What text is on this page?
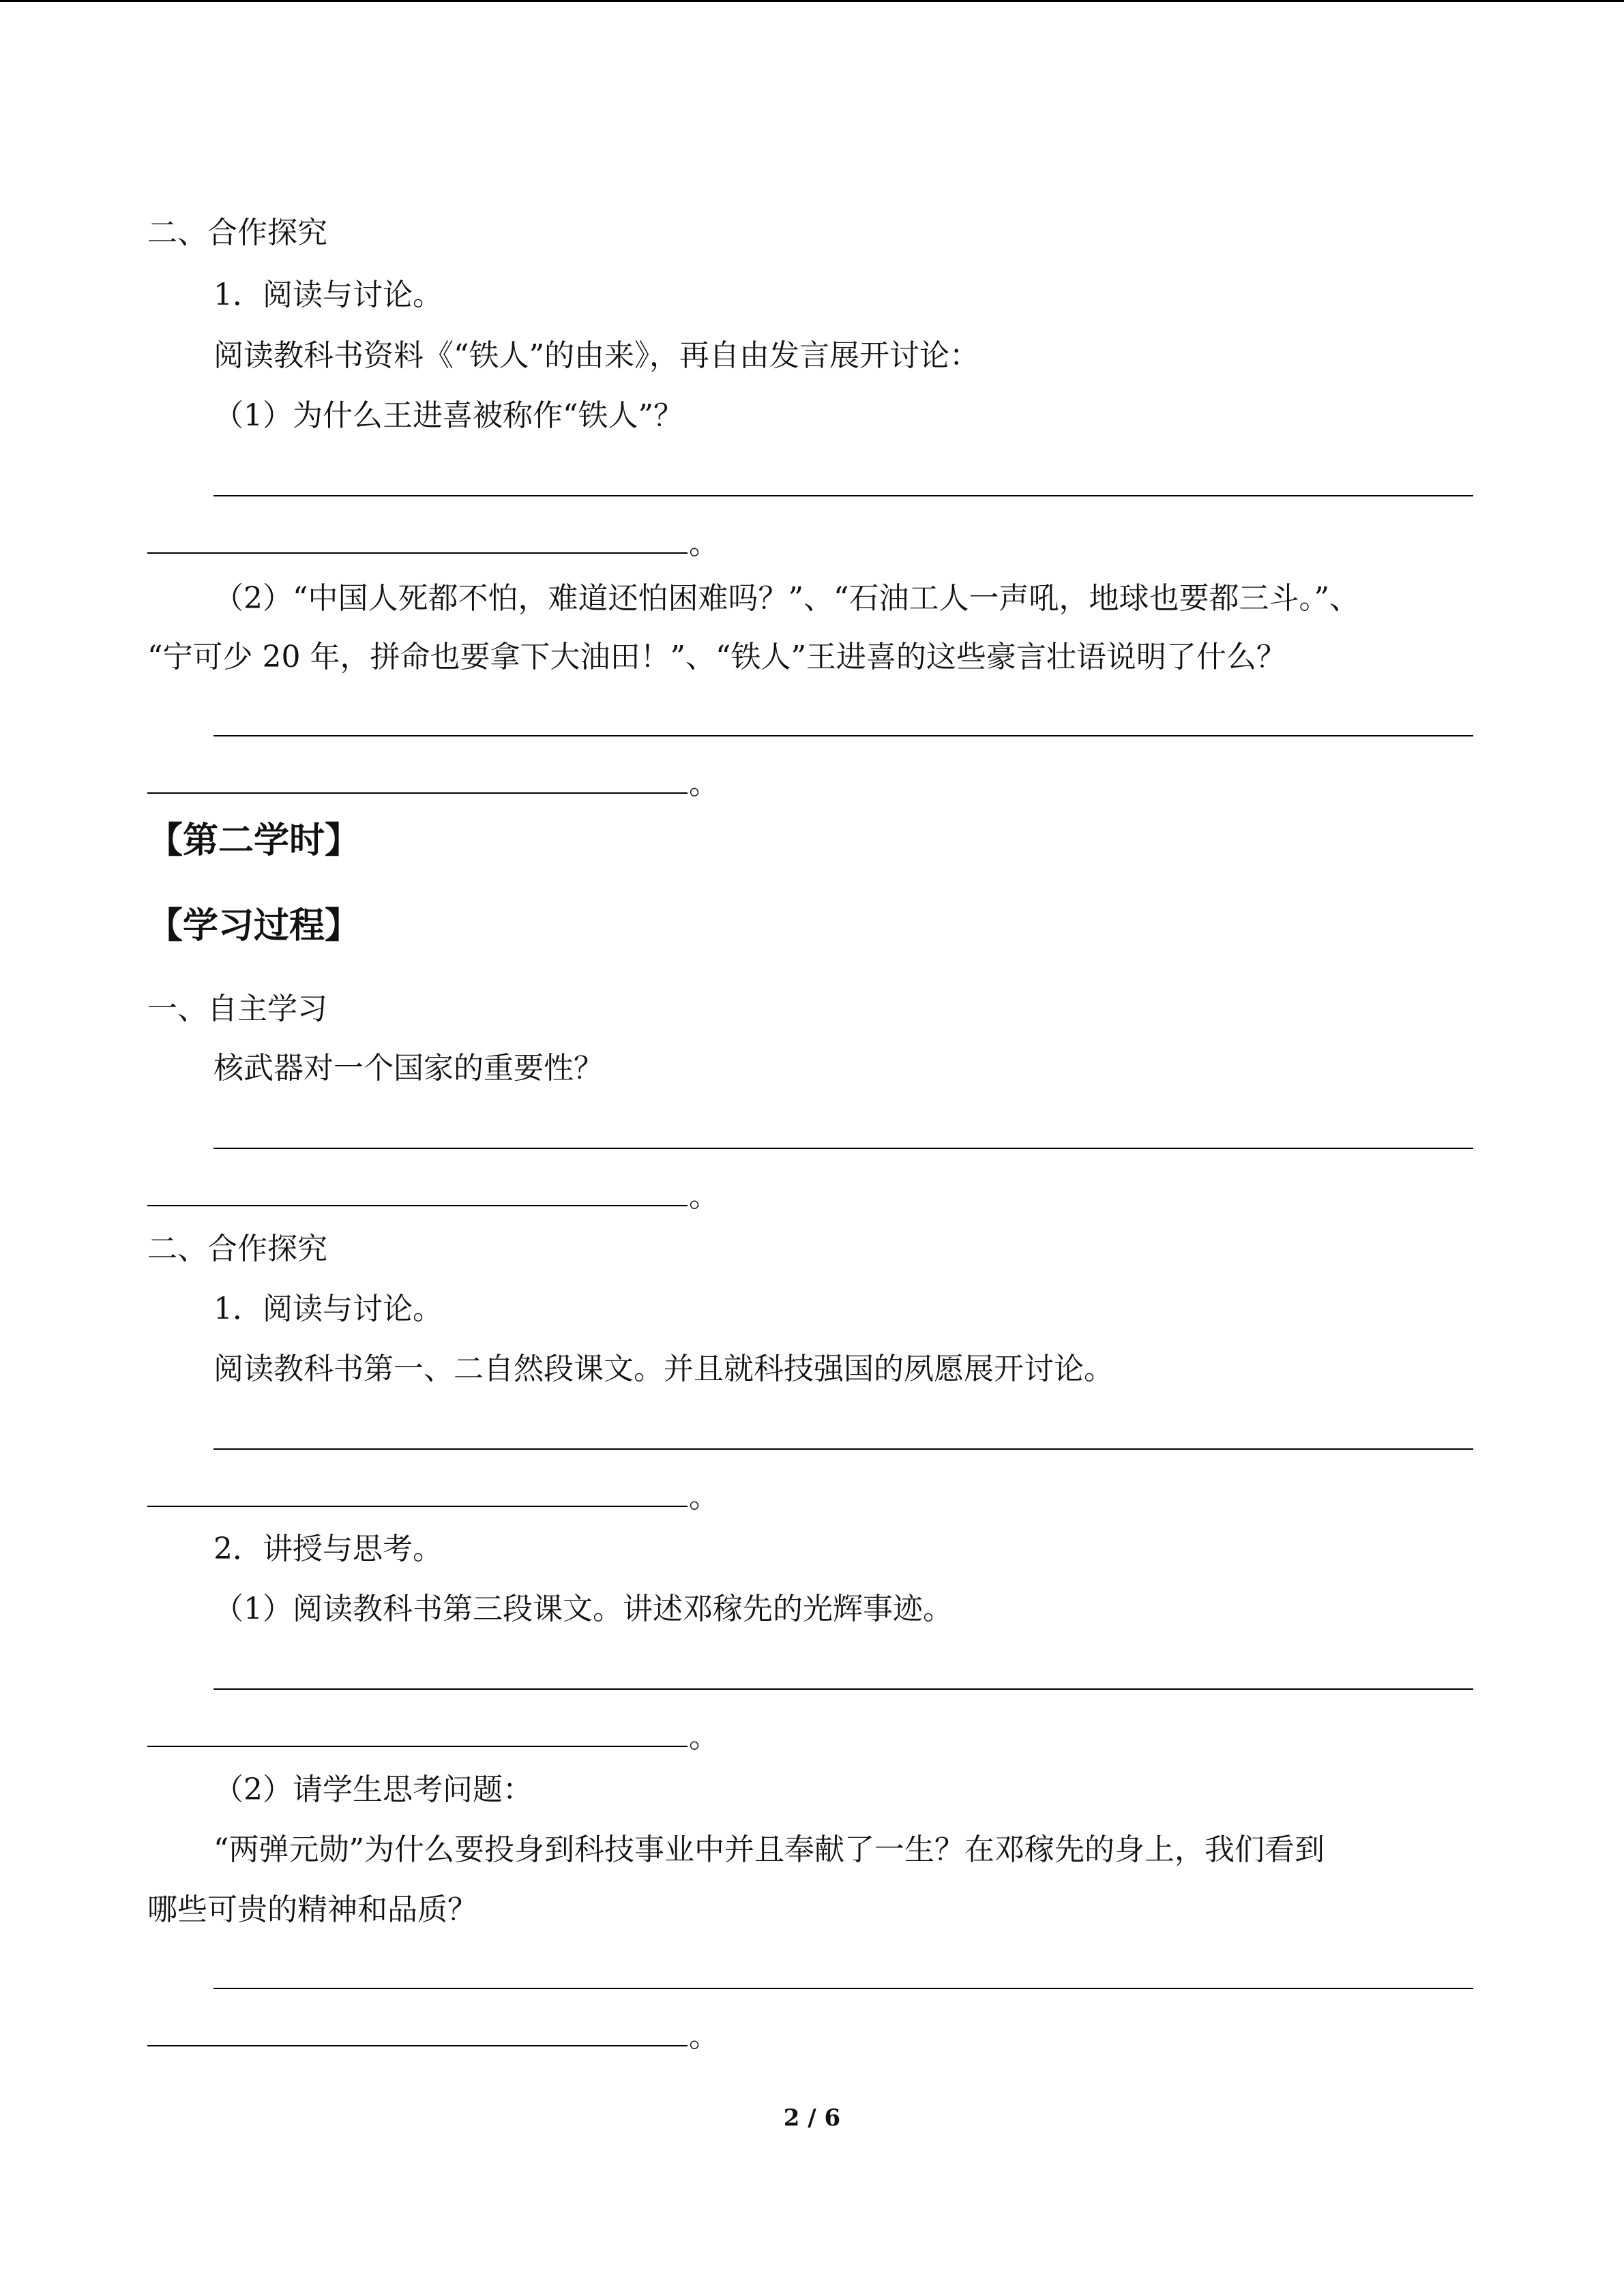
二、合作探究
1．阅读与讨论。
阅读教科书资料《“铁人”的由来》，再自由发言展开讨论：
（1）为什么王进喜被称作“铁人”？
。
（2）“中国人死都不怕，难道还怕困难吗？”、“石油工人一声吼，地球也要都三斗。”、
“宁可少 20 年，拼命也要拿下大油田！”、“铁人”王进喜的这些豪言壮语说明了什么？
。
【第二学时】
【学习过程】
一、自主学习
核武器对一个国家的重要性？
。
二、合作探究
1．阅读与讨论。
阅读教科书第一、二自然段课文。并且就科技强国的夙愿展开讨论。
。
2．讲授与思考。
（1）阅读教科书第三段课文。讲述邓稼先的光辉事迹。
。
（2）请学生思考问题：
“两弹元勋”为什么要投身到科技事业中并且奉献了一生？在邓稼先的身上，我们看到
哪些可贵的精神和品质？
。
2 / 6
